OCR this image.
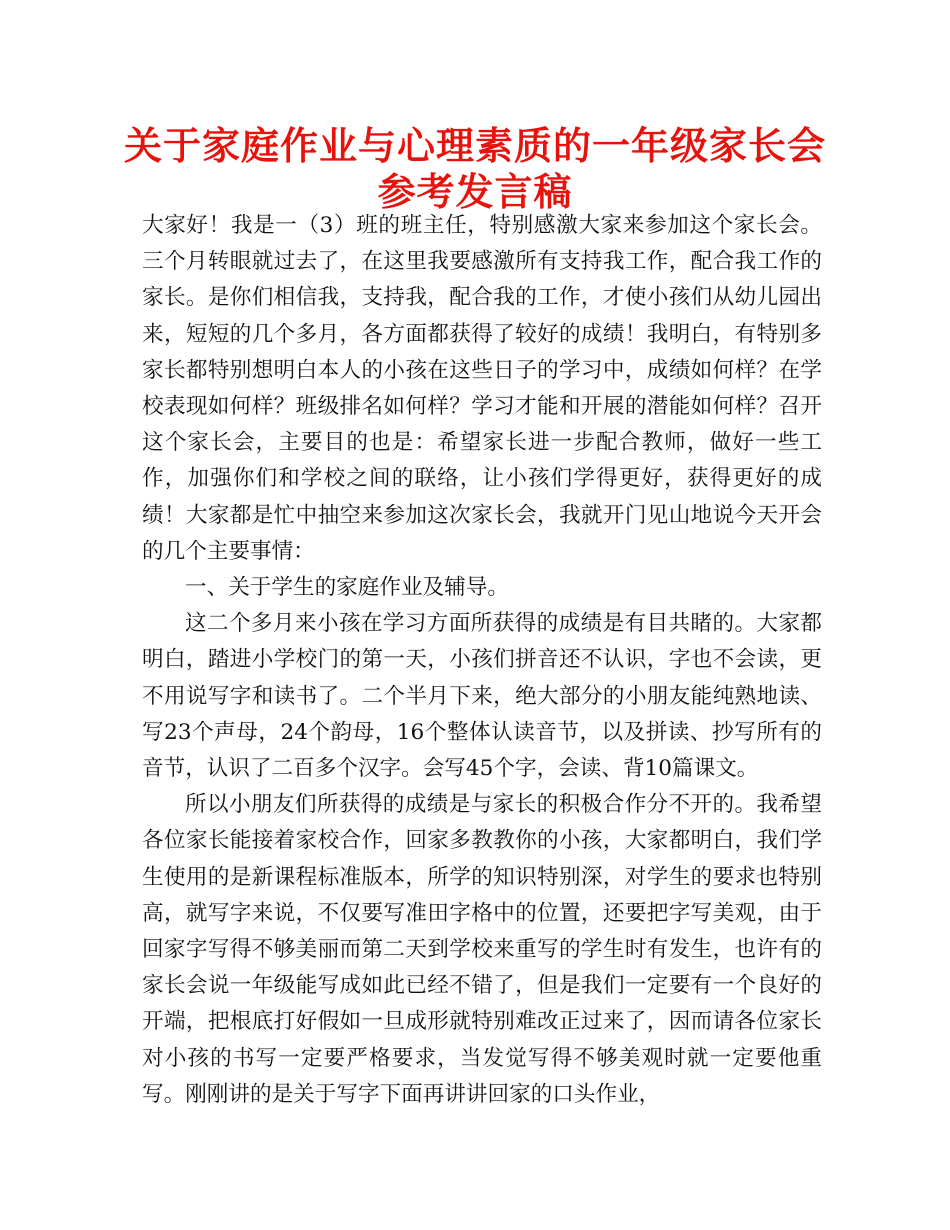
关于家庭作业与心理素质的一年级家长会
参考发言稿

大家好！我是一（3）班的班主任，特别感激大家来参加这个家长会。三个月转眼就过去了，在这里我要感激所有支持我工作，配合我工作的家长。是你们相信我，支持我，配合我的工作，才使小孩们从幼儿园出来，短短的几个多月，各方面都获得了较好的成绩！我明白，有特别多家长都特别想明白本人的小孩在这些日子的学习中，成绩如何样？在学校表现如何样？班级排名如何样？学习才能和开展的潜能如何样？召开这个家长会，主要目的也是：希望家长进一步配合教师，做好一些工作，加强你们和学校之间的联络，让小孩们学得更好，获得更好的成绩！大家都是忙中抽空来参加这次家长会，我就开门见山地说今天开会的几个主要事情：

一、关于学生的家庭作业及辅导。

这二个多月来小孩在学习方面所获得的成绩是有目共睹的。大家都明白，踏进小学校门的第一天，小孩们拼音还不认识，字也不会读，更不用说写字和读书了。二个半月下来，绝大部分的小朋友能纯熟地读、写23个声母，24个韵母，16个整体认读音节，以及拼读、抄写所有的音节，认识了二百多个汉字。会写45个字，会读、背10篇课文。

所以小朋友们所获得的成绩是与家长的积极合作分不开的。我希望各位家长能接着家校合作，回家多教教你的小孩，大家都明白，我们学生使用的是新课程标准版本，所学的知识特别深，对学生的要求也特别高，就写字来说，不仅要写准田字格中的位置，还要把字写美观，由于回家字写得不够美丽而第二天到学校来重写的学生时有发生，也许有的家长会说一年级能写成如此已经不错了，但是我们一定要有一个良好的开端，把根底打好假如一旦成形就特别难改正过来了，因而请各位家长对小孩的书写一定要严格要求，当发觉写得不够美观时就一定要他重写。刚刚讲的是关于写字下面再讲讲回家的口头作业，
